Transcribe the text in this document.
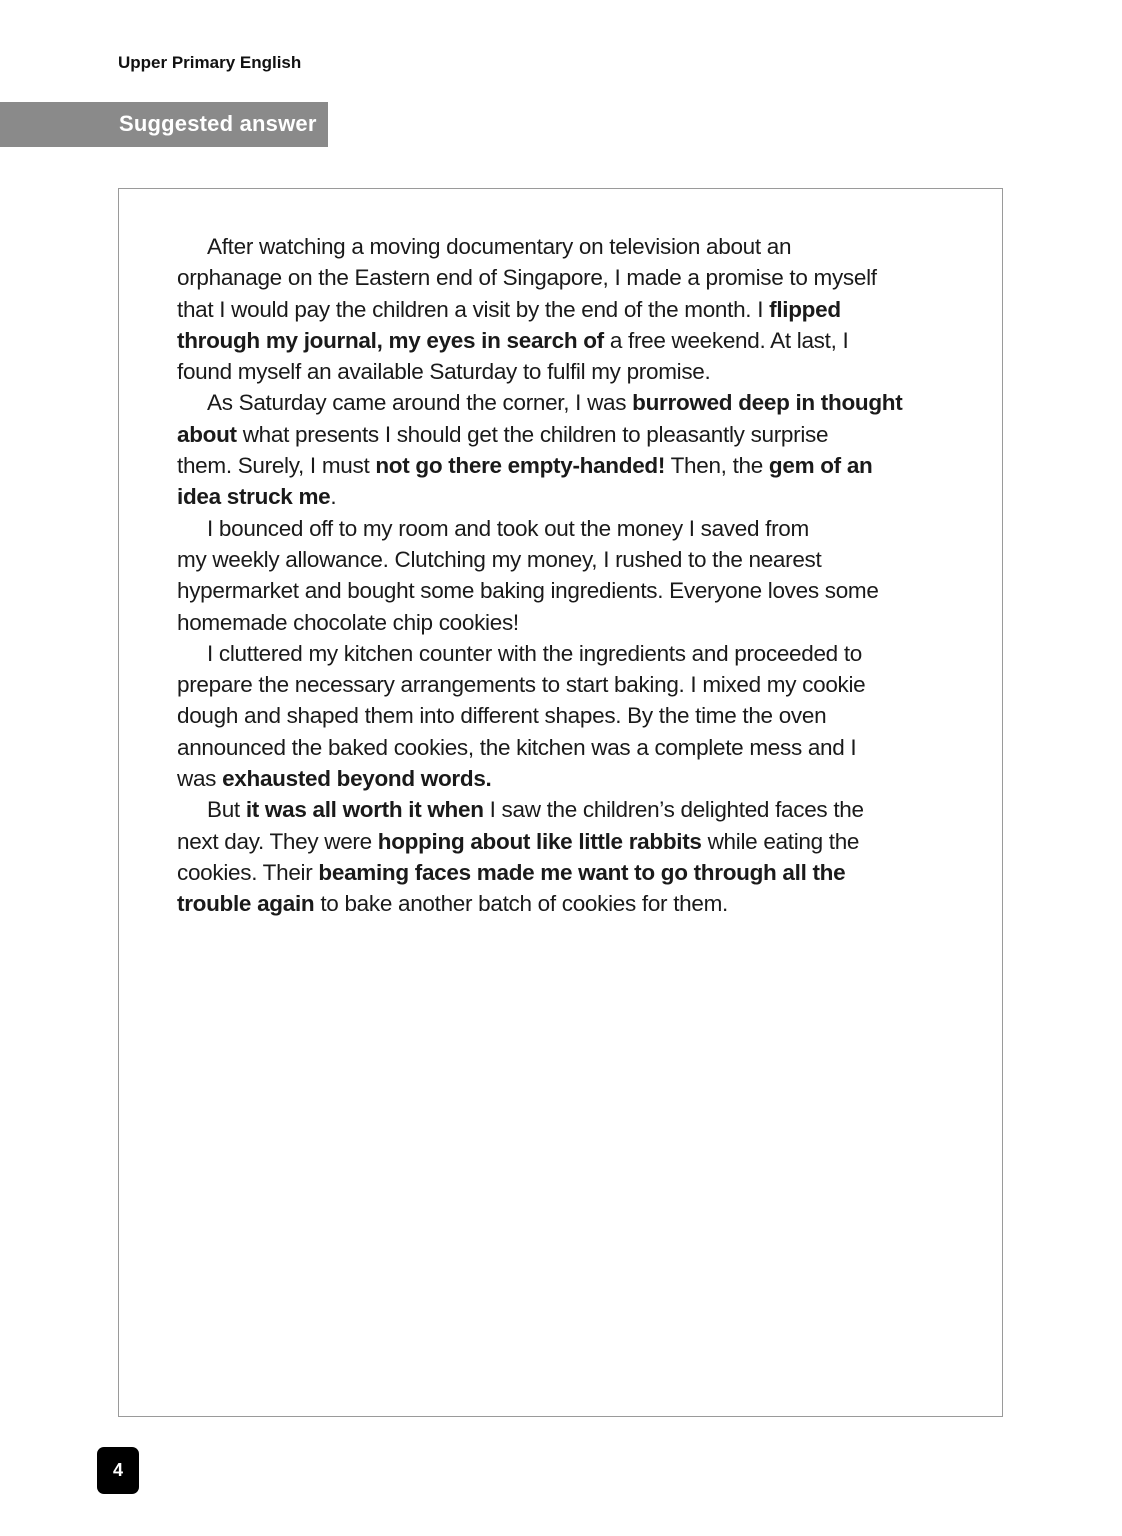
Upper Primary English
Suggested answer
After watching a moving documentary on television about an
orphanage on the Eastern end of Singapore, I made a promise to myself
that I would pay the children a visit by the end of the month. I flipped
through my journal, my eyes in search of a free weekend. At last, I
found myself an available Saturday to fulfil my promise.
As Saturday came around the corner, I was burrowed deep in thought
about what presents I should get the children to pleasantly surprise
them. Surely, I must not go there empty-handed! Then, the gem of an
idea struck me.
I bounced off to my room and took out the money I saved from
my weekly allowance. Clutching my money, I rushed to the nearest
hypermarket and bought some baking ingredients. Everyone loves some
homemade chocolate chip cookies!
I cluttered my kitchen counter with the ingredients and proceeded to
prepare the necessary arrangements to start baking. I mixed my cookie
dough and shaped them into different shapes. By the time the oven
announced the baked cookies, the kitchen was a complete mess and I
was exhausted beyond words.
But it was all worth it when I saw the children’s delighted faces the
next day. They were hopping about like little rabbits while eating the
cookies. Their beaming faces made me want to go through all the
trouble again to bake another batch of cookies for them.
4
